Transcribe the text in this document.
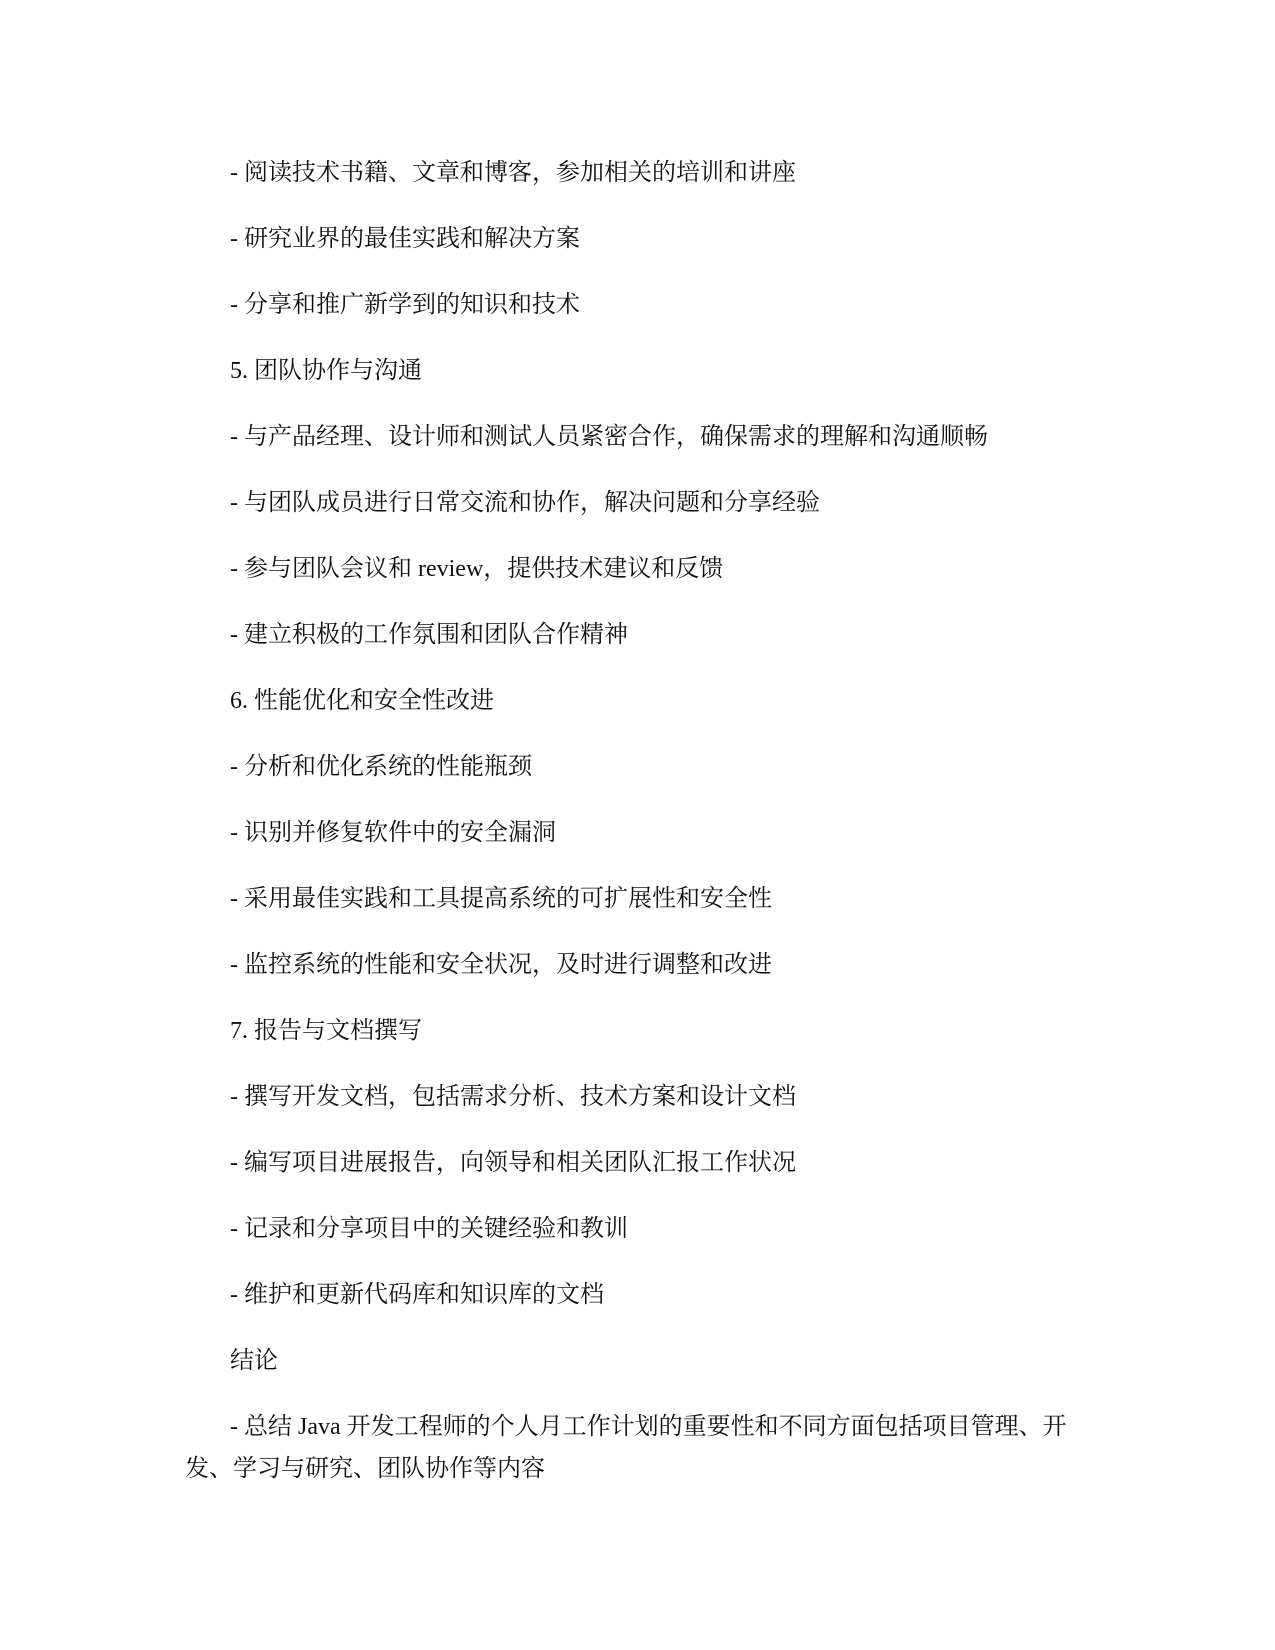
- 阅读技术书籍、文章和博客，参加相关的培训和讲座

- 研究业界的最佳实践和解决方案

- 分享和推广新学到的知识和技术

5. 团队协作与沟通

- 与产品经理、设计师和测试人员紧密合作，确保需求的理解和沟通顺畅

- 与团队成员进行日常交流和协作，解决问题和分享经验

- 参与团队会议和 review，提供技术建议和反馈

- 建立积极的工作氛围和团队合作精神

6. 性能优化和安全性改进

- 分析和优化系统的性能瓶颈

- 识别并修复软件中的安全漏洞

- 采用最佳实践和工具提高系统的可扩展性和安全性

- 监控系统的性能和安全状况，及时进行调整和改进

7. 报告与文档撰写

- 撰写开发文档，包括需求分析、技术方案和设计文档

- 编写项目进展报告，向领导和相关团队汇报工作状况

- 记录和分享项目中的关键经验和教训

- 维护和更新代码库和知识库的文档

结论

- 总结 Java 开发工程师的个人月工作计划的重要性和不同方面包括项目管理、开发、学习与研究、团队协作等内容
